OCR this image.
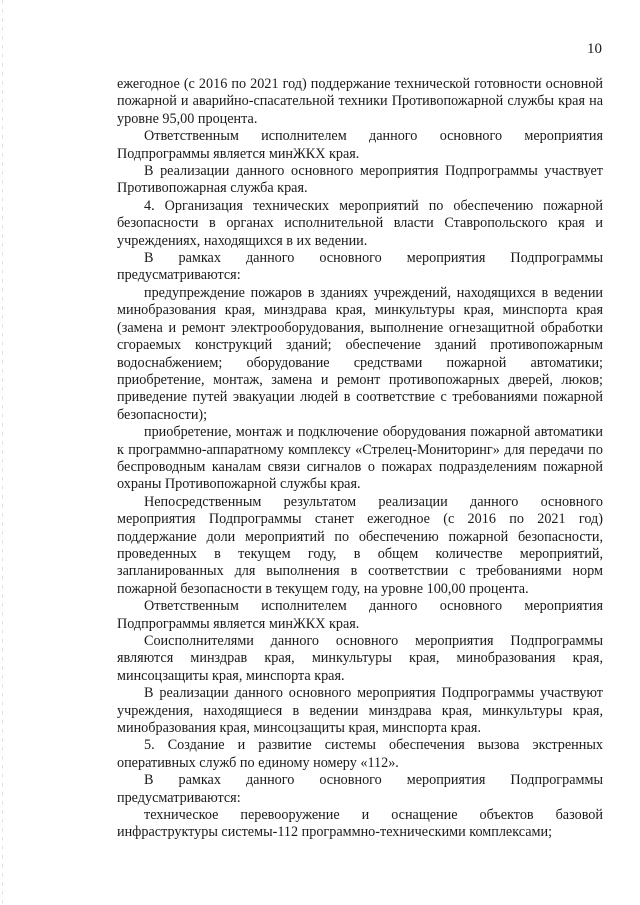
10

ежегодное (с 2016 по 2021 год) поддержание технической готовности основной пожарной и аварийно-спасательной техники Противопожарной службы края на уровне 95,00 процента.

Ответственным исполнителем данного основного мероприятия Подпрограммы является минЖКХ края.

В реализации данного основного мероприятия Подпрограммы участвует Противопожарная служба края.

4. Организация технических мероприятий по обеспечению пожарной безопасности в органах исполнительной власти Ставропольского края и учреждениях, находящихся в их ведении.

В рамках данного основного мероприятия Подпрограммы предусматриваются:

предупреждение пожаров в зданиях учреждений, находящихся в ведении минобразования края, минздрава края, минкультуры края, минспорта края (замена и ремонт электрооборудования, выполнение огнезащитной обработки сгораемых конструкций зданий; обеспечение зданий противопожарным водоснабжением; оборудование средствами пожарной автоматики; приобретение, монтаж, замена и ремонт противопожарных дверей, люков; приведение путей эвакуации людей в соответствие с требованиями пожарной безопасности);

приобретение, монтаж и подключение оборудования пожарной автоматики к программно-аппаратному комплексу «Стрелец-Мониторинг» для передачи по беспроводным каналам связи сигналов о пожарах подразделениям пожарной охраны Противопожарной службы края.

Непосредственным результатом реализации данного основного мероприятия Подпрограммы станет ежегодное (с 2016 по 2021 год) поддержание доли мероприятий по обеспечению пожарной безопасности, проведенных в текущем году, в общем количестве мероприятий, запланированных для выполнения в соответствии с требованиями норм пожарной безопасности в текущем году, на уровне 100,00 процента.

Ответственным исполнителем данного основного мероприятия Подпрограммы является минЖКХ края.

Соисполнителями данного основного мероприятия Подпрограммы являются минздрав края, минкультуры края, минобразования края, минсоцзащиты края, минспорта края.

В реализации данного основного мероприятия Подпрограммы участвуют учреждения, находящиеся в ведении минздрава края, минкультуры края, минобразования края, минсоцзащиты края, минспорта края.

5. Создание и развитие системы обеспечения вызова экстренных оперативных служб по единому номеру «112».

В рамках данного основного мероприятия Подпрограммы предусматриваются:

техническое перевооружение и оснащение объектов базовой инфраструктуры системы-112 программно-техническими комплексами;
